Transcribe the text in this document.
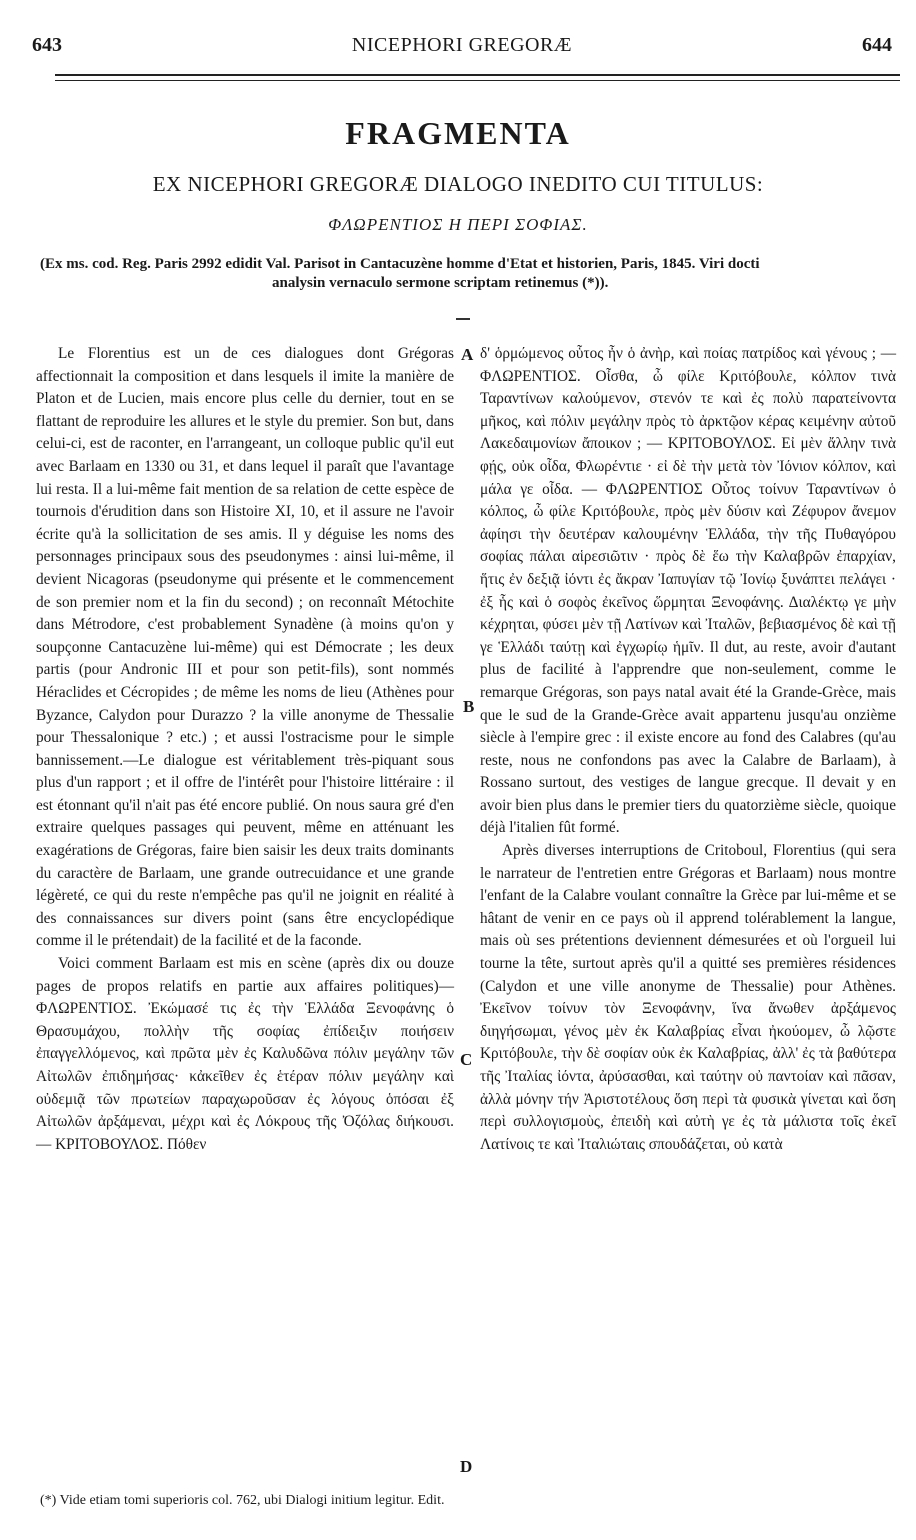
643	NICEPHORI GREGORÆ	644
FRAGMENTA
EX NICEPHORI GREGORÆ DIALOGO INEDITO CUI TITULUS:
ΦΛΩΡΕΝΤΙΟΣ Η ΠΕΡΙ ΣΟΦΙΑΣ.
(Ex ms. cod. Reg. Paris 2992 edidit Val. Parisot in Cantacuzène homme d'Etat et historien, Paris, 1845. Viri docti
analysin vernaculo sermone scriptam retinemus (*)).

Le Florentius est un de ces dialogues dont Grégoras affectionnait la composition et dans lesquels il imite la manière de Platon et de Lucien, mais encore plus celle du dernier, tout en se flattant de reproduire les allures et le style du premier. Son but, dans celui-ci, est de raconter, en l'arrangeant, un colloque public qu'il eut avec Barlaam en 1330 ou 31, et dans lequel il paraît que l'avantage lui resta. Il a lui-même fait mention de sa relation de cette espèce de tournois d'érudition dans son Histoire XI, 10, et il assure ne l'avoir écrite qu'à la sollicitation de ses amis. Il y déguise les noms des personnages principaux sous des pseudonymes : ainsi lui-même, il devient Nicagoras (pseudonyme qui présente et le commencement de son premier nom et la fin du second) ; on reconnaît Métochite dans Métrodore, c'est probablement Synadène (à moins qu'on y soupçonne Cantacuzène lui-même) qui est Démocrate ; les deux partis (pour Andronic III et pour son petit-fils), sont nommés Héraclides et Cécropides ; de même les noms de lieu (Athènes pour Byzance, Calydon pour Durazzo ? la ville anonyme de Thessalie pour Thessalonique ? etc.) ; et aussi l'ostracisme pour le simple bannissement.—Le dialogue est véritablement très-piquant sous plus d'un rapport ; et il offre de l'intérêt pour l'histoire littéraire : il est étonnant qu'il n'ait pas été encore publié. On nous saura gré d'en extraire quelques passages qui peuvent, même en atténuant les exagérations de Grégoras, faire bien saisir les deux traits dominants du caractère de Barlaam, une grande outrecuidance et une grande légèreté, ce qui du reste n'empêche pas qu'il ne joignit en réalité à des connaissances sur divers point (sans être encyclopédique comme il le prétendait) de la facilité et de la faconde.

Voici comment Barlaam est mis en scène (après dix ou douze pages de propos relatifs en partie aux affaires politiques)—ΦΛΩΡΕΝΤΙΟΣ. Ἐκώμασέ τις ἐς τὴν Ἑλλάδα Ξενοφάνης ὁ Θρασυμάχου, πολλὴν τῆς σοφίας ἐπίδειξιν ποιήσειν ἐπαγγελλόμενος, καὶ πρῶτα μὲν ἐς Καλυδῶνα πόλιν μεγάλην τῶν Αἰτωλῶν ἐπιδημήσας· κἀκεῖθεν ἐς ἑτέραν πόλιν μεγάλην καὶ οὐδεμιᾷ τῶν πρωτείων παραχωροῦσαν ἐς λόγους ὁπόσαι ἐξ Αἰτωλῶν ἀρξάμεναι, μέχρι καὶ ἐς Λόκρους τῆς Ὀζόλας διήκουσι. — ΚΡΙΤΟΒΟΥΛΟΣ. Πόθεν

δ' ὁρμώμενος οὗτος ἦν ὁ ἀνὴρ, καὶ ποίας πατρίδος καὶ γένους ; — ΦΛΩΡΕΝΤΙΟΣ. Οἶσθα, ὦ φίλε Κριτόβουλε, κόλπον τινὰ Ταραντίνων καλούμενον, στενόν τε καὶ ἐς πολὺ παρατείνοντα μῆκος, καὶ πόλιν μεγάλην πρὸς τὸ ἀρκτῷον κέρας κειμένην αὐτοῦ Λακεδαιμονίων ἄποικον ; — ΚΡΙΤΟΒΟΥΛΟΣ. Εἰ μὲν ἄλλην τινὰ φῄς, οὐκ οἶδα, Φλωρέντιε · εἰ δὲ τὴν μετὰ τὸν Ἰόνιον κόλπον, καὶ μάλα γε οἶδα. — ΦΛΩΡΕΝΤΙΟΣ Οὗτος τοίνυν Ταραντίνων ὁ κόλπος, ὦ φίλε Κριτόβουλε, πρὸς μὲν δύσιν καὶ Ζέφυρον ἄνεμον ἀφίησι τὴν δευτέραν καλουμένην Ἑλλάδα, τὴν τῆς Πυθαγόρου σοφίας πάλαι αἱρεσιῶτιν · πρὸς δὲ ἕω τὴν Καλαβρῶν ἐπαρχίαν, ἥτις ἐν δεξιᾷ ἰόντι ἐς ἄκραν Ἰαπυγίαν τῷ Ἰονίῳ ξυνάπτει πελάγει · ἐξ ἧς καὶ ὁ σοφὸς ἐκεῖνος ὥρμηται Ξενοφάνης. Διαλέκτῳ γε μὴν κέχρηται, φύσει μὲν τῇ Λατίνων καὶ Ἰταλῶν, βεβιασμένος δὲ καὶ τῇ γε Ἑλλάδι ταύτῃ καὶ ἐγχωρίῳ ἡμῖν. Il dut, au reste, avoir d'autant plus de facilité à l'apprendre que non-seulement, comme le remarque Grégoras, son pays natal avait été la Grande-Grèce, mais que le sud de la Grande-Grèce avait appartenu jusqu'au onzième siècle à l'empire grec : il existe encore au fond des Calabres (qu'au reste, nous ne confondons pas avec la Calabre de Barlaam), à Rossano surtout, des vestiges de langue grecque. Il devait y en avoir bien plus dans le premier tiers du quatorzième siècle, quoique déjà l'italien fût formé.

Après diverses interruptions de Critoboul, Florentius (qui sera le narrateur de l'entretien entre Grégoras et Barlaam) nous montre l'enfant de la Calabre voulant connaître la Grèce par lui-même et se hâtant de venir en ce pays où il apprend tolérablement la langue, mais où ses prétentions deviennent démesurées et où l'orgueil lui tourne la tête, surtout après qu'il a quitté ses premières résidences (Calydon et une ville anonyme de Thessalie) pour Athènes. Ἐκεῖνον τοίνυν τὸν Ξενοφάνην, ἵνα ἄνωθεν ἀρξάμενος διηγήσωμαι, γένος μὲν ἐκ Καλαβρίας εἶναι ἠκούομεν, ὦ λῷστε Κριτόβουλε, τὴν δὲ σοφίαν οὐκ ἐκ Καλαβρίας, ἀλλ' ἐς τὰ βαθύτερα τῆς Ἰταλίας ἰόντα, ἀρύσασθαι, καὶ ταύτην οὐ παντοίαν καὶ πᾶσαν, ἀλλὰ μόνην τήν Ἀριστοτέλους ὅση περὶ τὰ φυσικὰ γίνεται καὶ ὅση περὶ συλλογισμοὺς, ἐπειδὴ καὶ αὐτὴ γε ἐς τὰ μάλιστα τοῖς ἐκεῖ Λατίνοις τε καὶ Ἰταλιώταις σπουδάζεται, οὐ κατὰ

A
B
C
D
(*) Vide etiam tomi superioris col. 762, ubi Dialogi initium legitur. Edit.
